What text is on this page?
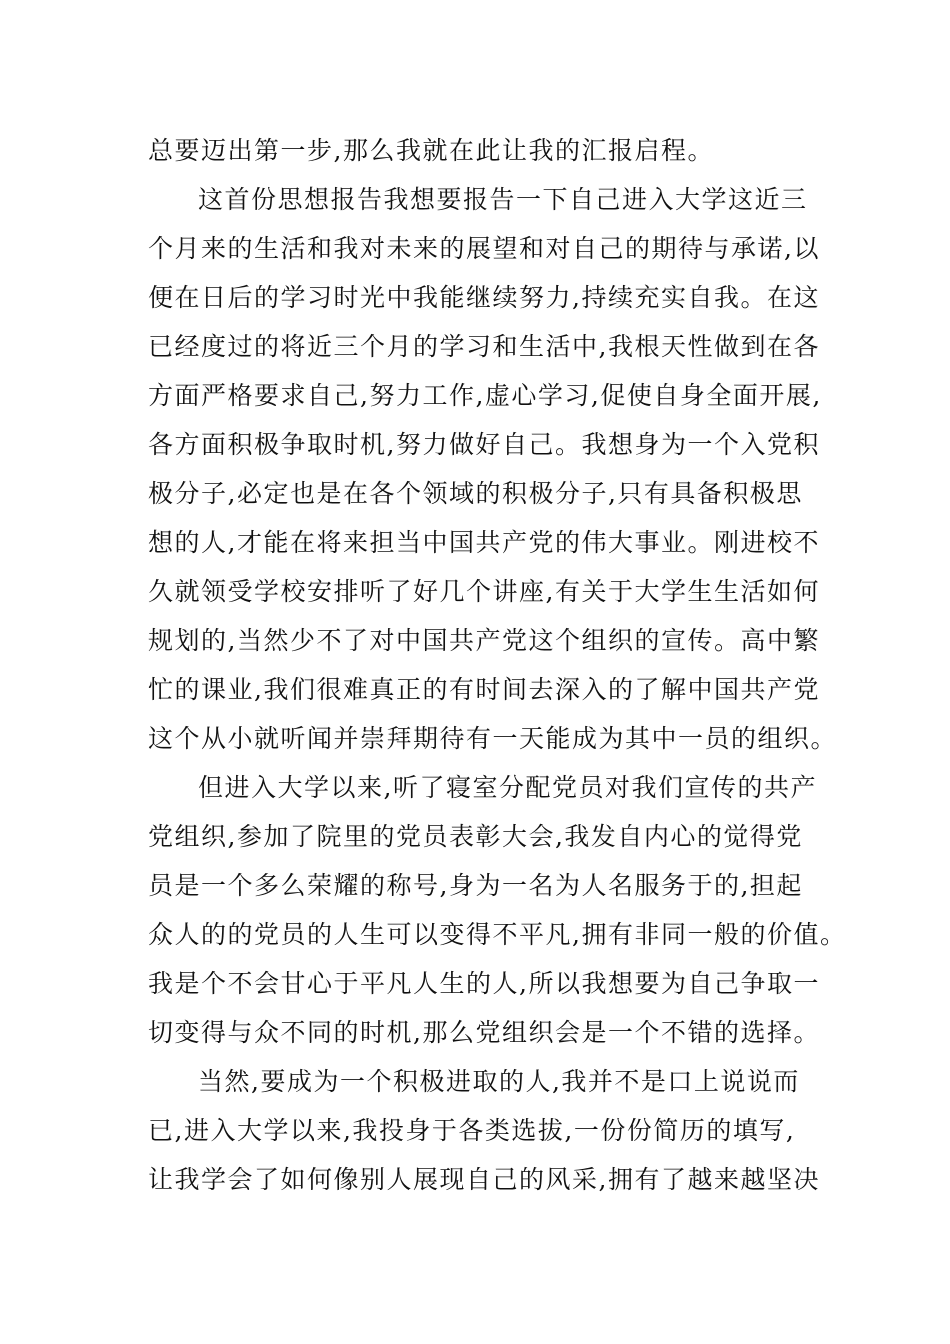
总要迈出第一步,那么我就在此让我的汇报启程。
这首份思想报告我想要报告一下自己进入大学这近三
个月来的生活和我对未来的展望和对自己的期待与承诺,以
便在日后的学习时光中我能继续努力,持续充实自我。在这
已经度过的将近三个月的学习和生活中,我根天性做到在各
方面严格要求自己,努力工作,虚心学习,促使自身全面开展,
各方面积极争取时机,努力做好自己。我想身为一个入党积
极分子,必定也是在各个领域的积极分子,只有具备积极思
想的人,才能在将来担当中国共产党的伟大事业。刚进校不
久就领受学校安排听了好几个讲座,有关于大学生生活如何
规划的,当然少不了对中国共产党这个组织的宣传。高中繁
忙的课业,我们很难真正的有时间去深入的了解中国共产党
这个从小就听闻并崇拜期待有一天能成为其中一员的组织。
但进入大学以来,听了寝室分配党员对我们宣传的共产
党组织,参加了院里的党员表彰大会,我发自内心的觉得党
员是一个多么荣耀的称号,身为一名为人名服务于的,担起
众人的的党员的人生可以变得不平凡,拥有非同一般的价值。
我是个不会甘心于平凡人生的人,所以我想要为自己争取一
切变得与众不同的时机,那么党组织会是一个不错的选择。
当然,要成为一个积极进取的人,我并不是口上说说而
已,进入大学以来,我投身于各类选拔,一份份简历的填写,
让我学会了如何像别人展现自己的风采,拥有了越来越坚决
